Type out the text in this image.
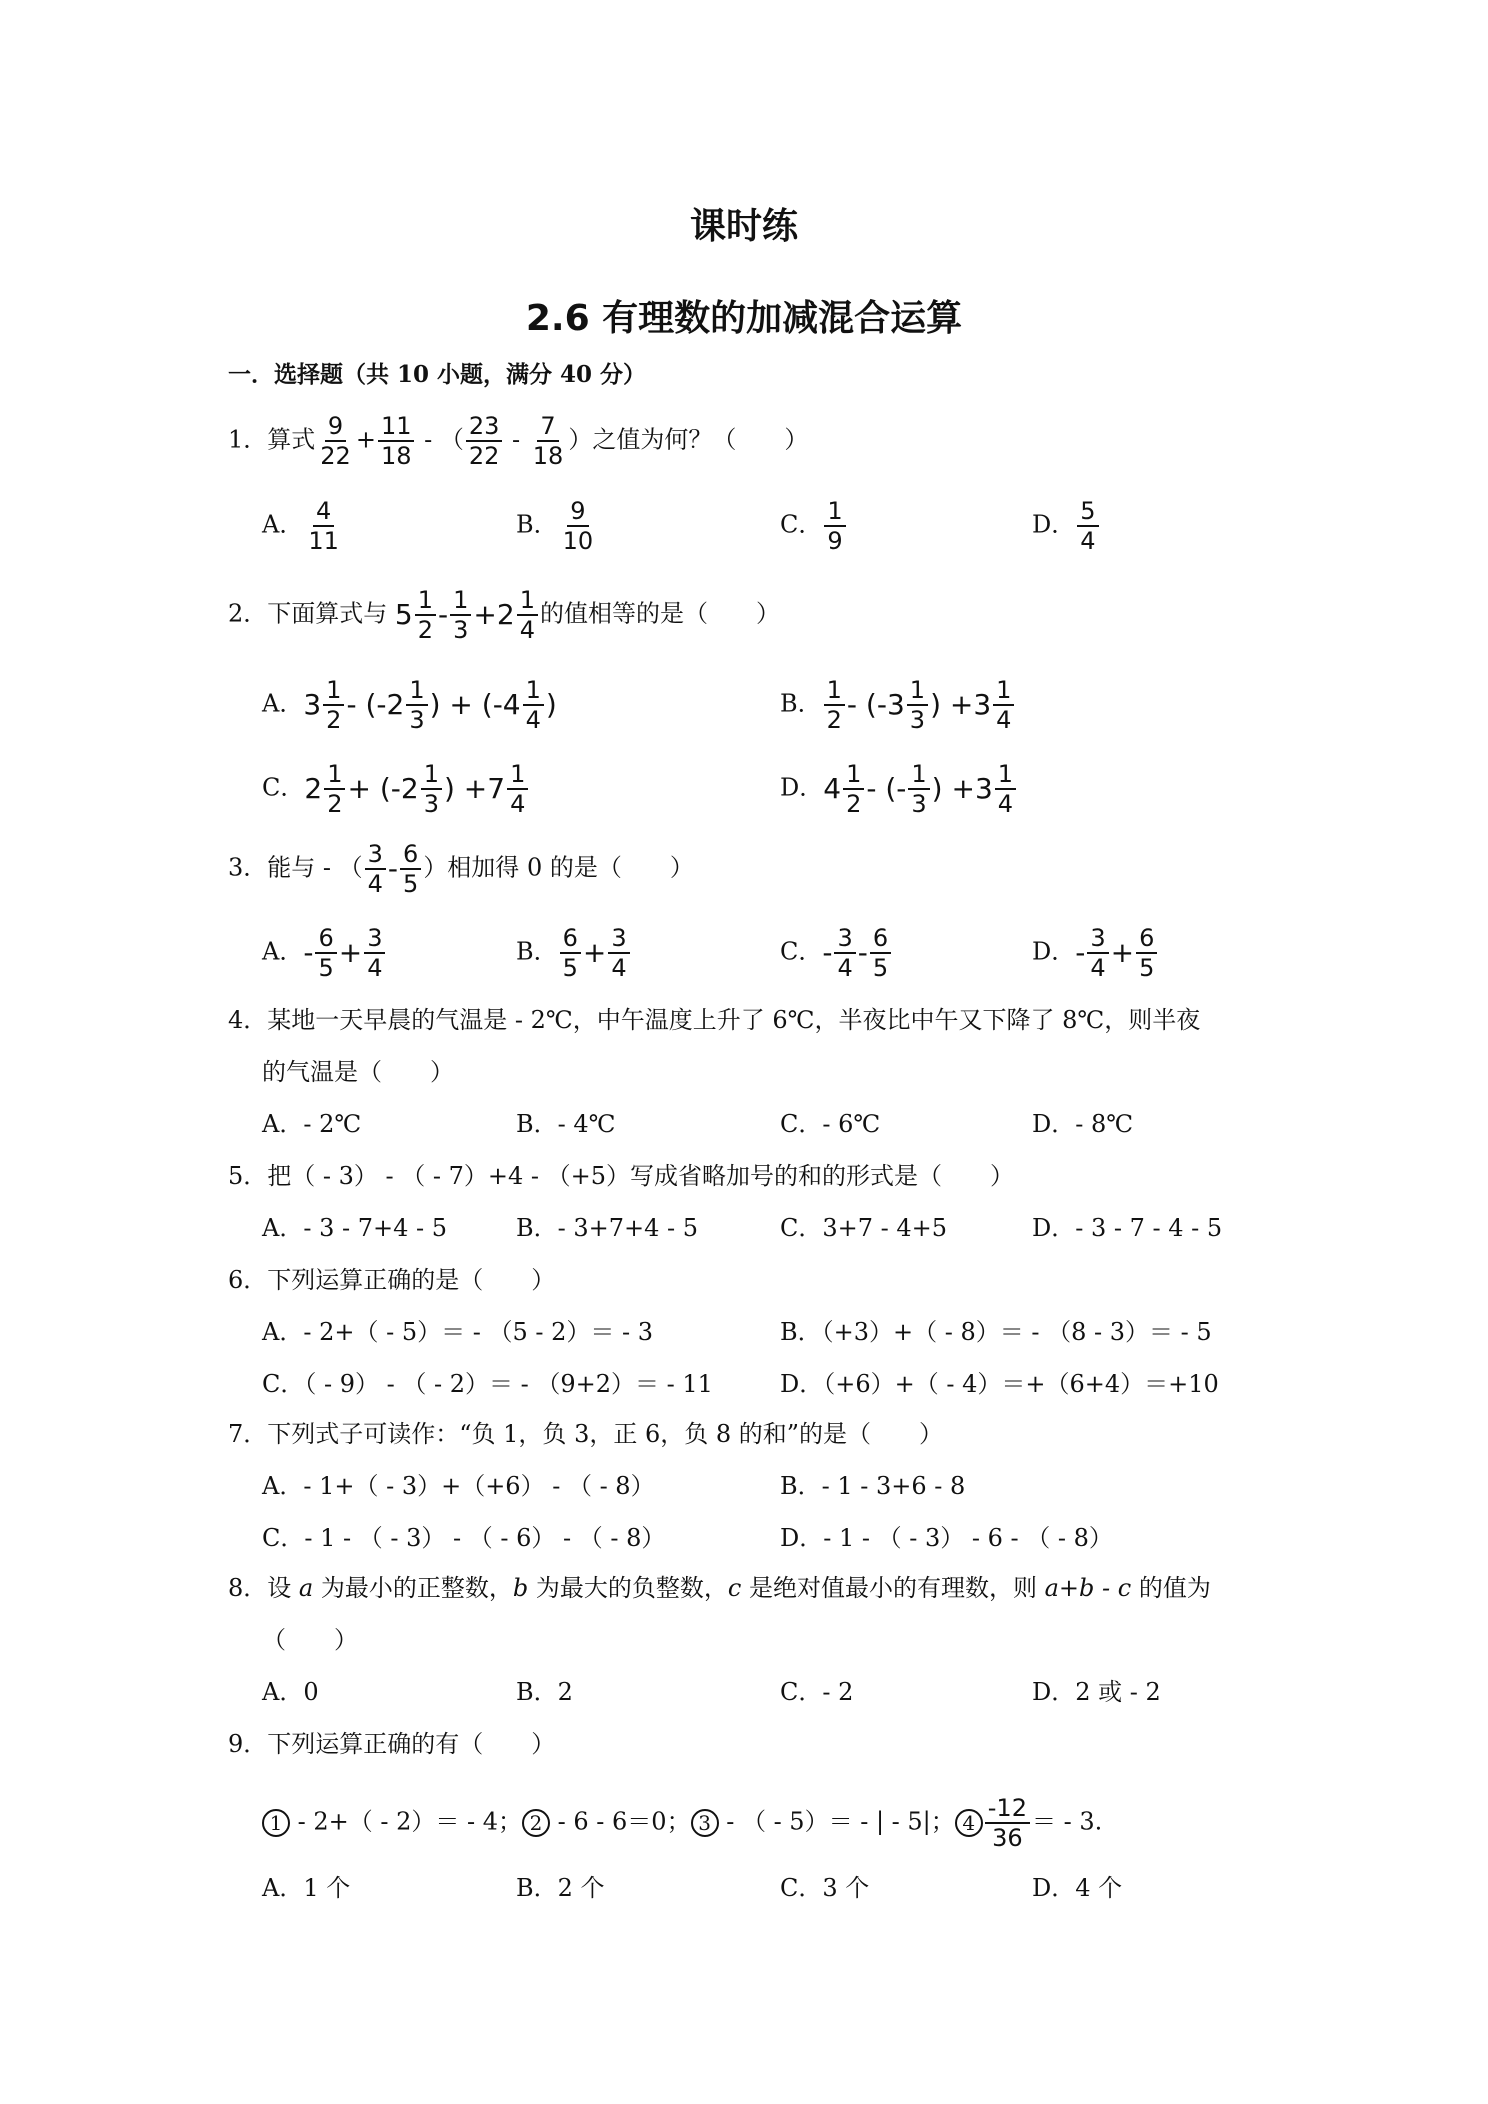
课时练
2.6 有理数的加减混合运算
一．选择题（共 10 小题，满分 40 分）
1．算式 $\frac{9}{22} + \frac{11}{18}$ - （ $\frac{23}{22} - \frac{7}{18}$ ）之值为何？（　　）
A． $\frac{4}{11}$	B． $\frac{9}{10}$	C． $\frac{1}{9}$	D． $\frac{5}{4}$
2．下面算式与 $5 \frac{1}{2} - \frac{1}{3} +2 \frac{1}{4}$ 的值相等的是（　　）
A． $3 \frac{1}{2} - (-2 \frac{1}{3}$ ) + ($-4 \frac{1}{4}$ )	B． $\frac{1}{2} - (-3 \frac{1}{3}$ ) $+3 \frac{1}{4}$
C． $2 \frac{1}{2} + (-2 \frac{1}{3}$ ) $+7 \frac{1}{4}$	D． $4 \frac{1}{2}$ - (- $\frac{1}{3}$ ) $+3 \frac{1}{4}$
3．能与 - （ $\frac{3}{4} - \frac{6}{5}$ ）相加得 0 的是（　　）
A． - $\frac{6}{5} + \frac{3}{4}$	B． $\frac{6}{5} + \frac{3}{4}$	C． - $\frac{3}{4} - \frac{6}{5}$	D． - $\frac{3}{4} + \frac{6}{5}$
4．某地一天早晨的气温是 - 2℃，中午温度上升了 6℃，半夜比中午又下降了 8℃，则半夜
的气温是（　　）
A．- 2℃	B．- 4℃	C．- 6℃	D．- 8℃
5．把（ - 3） - （ - 7）+4 - （+5）写成省略加号的和的形式是（　　）
A．- 3 - 7+4 - 5	B．- 3+7+4 - 5	C．3+7 - 4+5	D．- 3 - 7 - 4 - 5
6．下列运算正确的是（　　）
A．- 2+（ - 5）＝ - （5 - 2）＝ - 3	B．（+3）+（ - 8）＝ - （8 - 3）＝ - 5
C．（ - 9） - （ - 2）＝ - （9+2）＝ - 11	D．（+6）+（ - 4）＝+（6+4）＝+10
7．下列式子可读作：“负 1，负 3，正 6，负 8 的和”的是（　　）
A．- 1+（ - 3）+（+6） - （ - 8）	B．- 1 - 3+6 - 8
C．- 1 - （ - 3） - （ - 6） - （ - 8）	D．- 1 - （ - 3） - 6 - （ - 8）
8．设 a 为最小的正整数，b 为最大的负整数，c 是绝对值最小的有理数，则 a+b - c 的值为
（　　）
A．0	B．2	C．- 2	D．2 或 - 2
9．下列运算正确的有（　　）
1 - 2+（ - 2）＝ - 4； 2 - 6 - 6＝0； 3 - （ - 5）＝ - | - 5|； $4 \frac{-12}{36}$ ＝ - 3.
A．1 个	B．2 个	C．3 个	D．4 个
